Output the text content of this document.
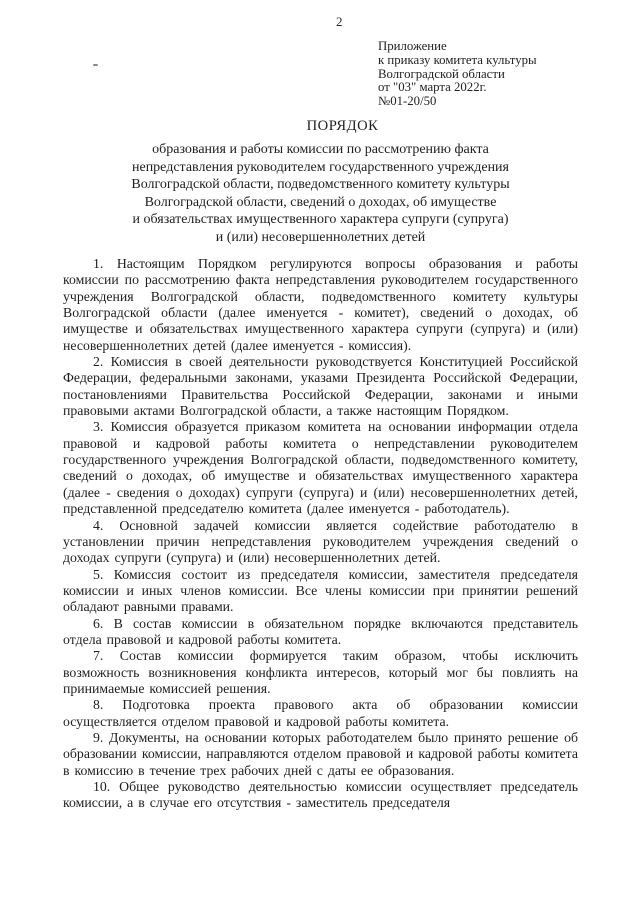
2
Приложение
к приказу комитета культуры
Волгоградской области
от "03" марта 2022г.
№01-20/50
ПОРЯДОК
образования и работы комиссии по рассмотрению факта
непредставления руководителем государственного учреждения
Волгоградской области, подведомственного комитету культуры
Волгоградской области, сведений о доходах, об имуществе
и обязательствах имущественного характера супруги (супруга)
и (или) несовершеннолетних детей

1. Настоящим Порядком регулируются вопросы образования и работы комиссии по рассмотрению факта непредставления руководителем государственного учреждения Волгоградской области, подведомственного комитету культуры Волгоградской области (далее именуется - комитет), сведений о доходах, об имуществе и обязательствах имущественного характера супруги (супруга) и (или) несовершеннолетних детей (далее именуется - комиссия).

2. Комиссия в своей деятельности руководствуется Конституцией Российской Федерации, федеральными законами, указами Президента Российской Федерации, постановлениями Правительства Российской Федерации, законами и иными правовыми актами Волгоградской области, а также настоящим Порядком.

3. Комиссия образуется приказом комитета на основании информации отдела правовой и кадровой работы комитета о непредставлении руководителем государственного учреждения Волгоградской области, подведомственного комитету, сведений о доходах, об имуществе и обязательствах имущественного характера (далее - сведения о доходах) супруги (супруга) и (или) несовершеннолетних детей, представленной председателю комитета (далее именуется - работодатель).

4. Основной задачей комиссии является содействие работодателю в установлении причин непредставления руководителем учреждения сведений о доходах супруги (супруга) и (или) несовершеннолетних детей.

5. Комиссия состоит из председателя комиссии, заместителя председателя комиссии и иных членов комиссии. Все члены комиссии при принятии решений обладают равными правами.

6. В состав комиссии в обязательном порядке включаются представитель отдела правовой и кадровой работы комитета.

7. Состав комиссии формируется таким образом, чтобы исключить возможность возникновения конфликта интересов, который мог бы повлиять на принимаемые комиссией решения.

8. Подготовка проекта правового акта об образовании комиссии осуществляется отделом правовой и кадровой работы комитета.

9. Документы, на основании которых работодателем было принято решение об образовании комиссии, направляются отделом правовой и кадровой работы комитета в комиссию в течение трех рабочих дней с даты ее образования.

10. Общее руководство деятельностью комиссии осуществляет председатель комиссии, а в случае его отсутствия - заместитель председателя
